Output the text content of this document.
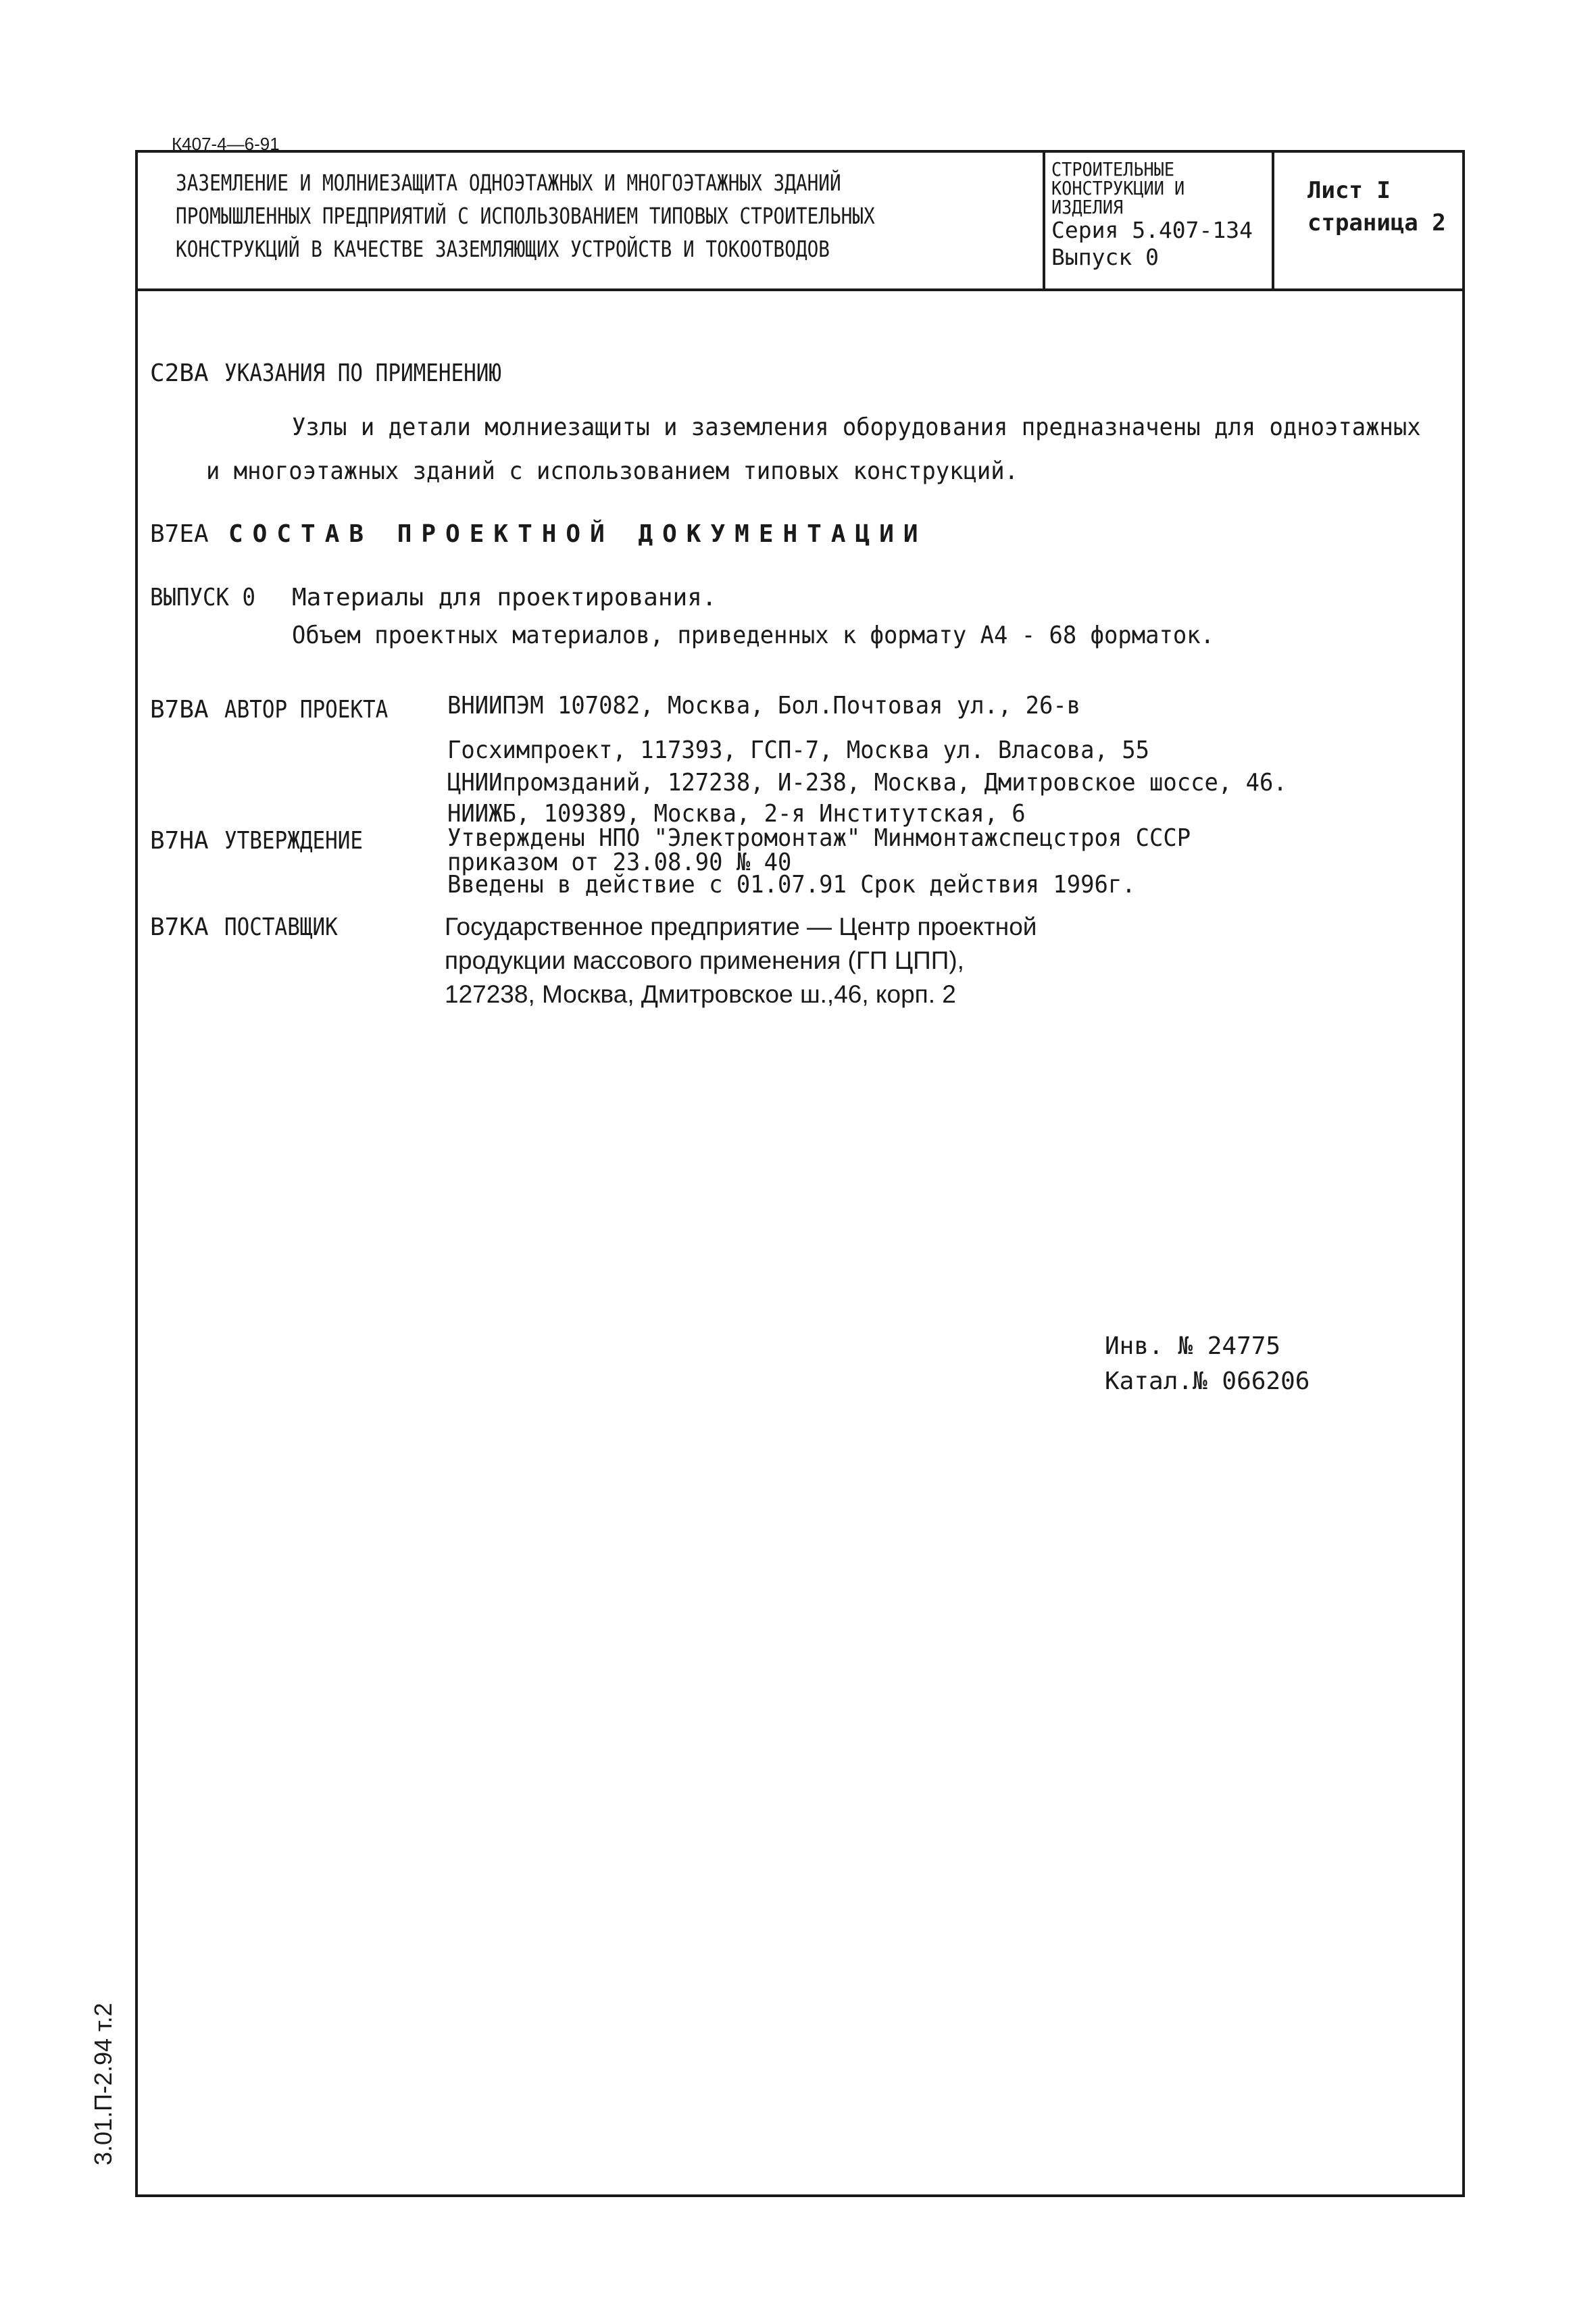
К407-4—6-91
ЗАЗЕМЛЕНИЕ И МОЛНИЕЗАЩИТА ОДНОЭТАЖНЫХ И МНОГОЭТАЖНЫХ ЗДАНИЙ
ПРОМЫШЛЕННЫХ ПРЕДПРИЯТИЙ С ИСПОЛЬЗОВАНИЕМ ТИПОВЫХ СТРОИТЕЛЬНЫХ
КОНСТРУКЦИЙ В КАЧЕСТВЕ ЗАЗЕМЛЯЮЩИХ УСТРОЙСТВ И ТОКООТВОДОВ
СТРОИТЕЛЬНЫЕ
КОНСТРУКЦИИ И
ИЗДЕЛИЯ
Серия 5.407-134
Выпуск 0
Лист I
страница 2
С2ВА УКАЗАНИЯ ПО ПРИМЕНЕНИЮ
Узлы и детали молниезащиты и заземления оборудования предназначены для одноэтажных
и многоэтажных зданий с использованием типовых конструкций.
В7ЕА СОСТАВ ПРОЕКТНОЙ ДОКУМЕНТАЦИИ
ВЫПУСК 0 Материалы для проектирования.
Объем проектных материалов, приведенных к формату А4 - 68 форматок.
В7ВА АВТОР ПРОЕКТА ВНИИПЭМ 107082, Москва, Бол.Почтовая ул., 26-в
Госхимпроект, 117393, ГСП-7, Москва ул. Власова, 55
ЦНИИпромзданий, 127238, И-238, Москва, Дмитровское шоссе, 46.
НИИЖБ, 109389, Москва, 2-я Институтская, 6
В7НА УТВЕРЖДЕНИЕ	Утверждены НПО "Электромонтаж" Минмонтажспецстроя СССР
приказом от 23.08.90 № 40
Введены в действие с 01.07.91 Срок действия 1996г.
В7КА ПОСТАВЩИК	Государственное предприятие — Центр проектной
продукции массового применения (ГП ЦПП),
127238, Москва, Дмитровское ш.,46, корп. 2
Инв. № 24775
Катал.№ 066206
3.01.П-2.94 т.2
